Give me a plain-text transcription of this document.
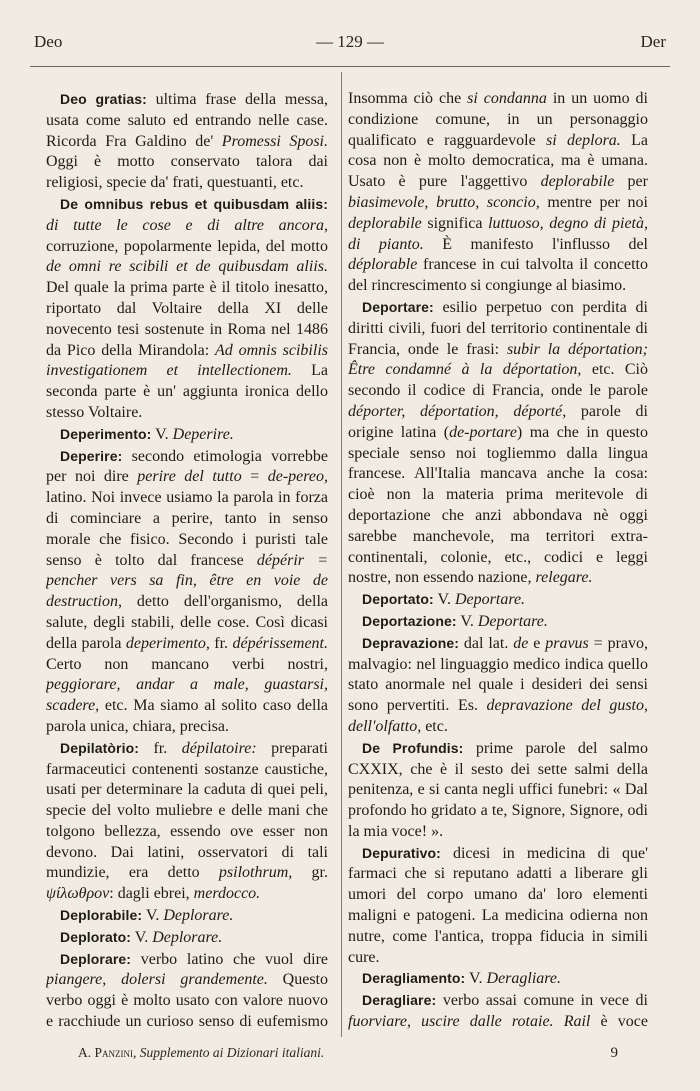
Deo	— 129 —	Der

Deo gratias: ultima frase della messa, usata come saluto ed entrando nelle case. Ricorda Fra Galdino de' Promessi Sposi. Oggi è motto conservato talora dai religiosi, specie da' frati, questuanti, etc.

De omnibus rebus et quibusdam aliis: di tutte le cose e di altre ancora, corruzione, popolarmente lepida, del motto de omni re scibili et de quibusdam aliis. Del quale la prima parte è il titolo inesatto, riportato dal Voltaire della XI delle novecento tesi sostenute in Roma nel 1486 da Pico della Mirandola: Ad omnis scibilis investigationem et intellectionem. La seconda parte è un' aggiunta ironica dello stesso Voltaire.

Deperimento: V. Deperire.

Deperire: secondo etimologia vorrebbe per noi dire perire del tutto = de-pereo, latino. Noi invece usiamo la parola in forza di cominciare a perire, tanto in senso morale che fisico. Secondo i puristi tale senso è tolto dal francese dépérir = pencher vers sa fin, être en voie de destruction, detto dell'organismo, della salute, degli stabili, delle cose. Così dicasi della parola deperimento, fr. dépérissement. Certo non mancano verbi nostri, peggiorare, andar a male, guastarsi, scadere, etc. Ma siamo al solito caso della parola unica, chiara, precisa.

Depilatòrio: fr. dépilatoire: preparati farmaceutici contenenti sostanze caustiche, usati per determinare la caduta di quei peli, specie del volto muliebre e delle mani che tolgono bellezza, essendo ove esser non devono. Dai latini, osservatori di tali mundizie, era detto psilothrum, gr. ψίλωθρον: dagli ebrei, merdocco.

Deplorabile: V. Deplorare.

Deplorato: V. Deplorare.

Deplorare: verbo latino che vuol dire piangere, dolersi grandemente. Questo verbo oggi è molto usato con valore nuovo e racchiude un curioso senso di eufemismo

Insomma ciò che si condanna in un uomo di condizione comune, in un personaggio qualificato e ragguardevole si deplora. La cosa non è molto democratica, ma è umana. Usato è pure l'aggettivo deplorabile per biasimevole, brutto, sconcio, mentre per noi deplorabile significa luttuoso, degno di pietà, di pianto. È manifesto l'influsso del déplorable francese in cui talvolta il concetto del rincrescimento si congiunge al biasimo.

Deportare: esilio perpetuo con perdita di diritti civili, fuori del territorio continentale di Francia, onde le frasi: subir la déportation; Être condamné à la déportation, etc. Ciò secondo il codice di Francia, onde le parole déporter, déportation, déporté, parole di origine latina (de-portare) ma che in questo speciale senso noi togliemmo dalla lingua francese. All'Italia mancava anche la cosa: cioè non la materia prima meritevole di deportazione che anzi abbondava nè oggi sarebbe manchevole, ma territori extra-continentali, colonie, etc., codici e leggi nostre, non essendo nazione, relegare.

Deportato: V. Deportare.

Deportazione: V. Deportare.

Depravazione: dal lat. de e pravus = pravo, malvagio: nel linguaggio medico indica quello stato anormale nel quale i desideri dei sensi sono pervertiti. Es. depravazione del gusto, dell'olfatto, etc.

De Profundis: prime parole del salmo CXXIX, che è il sesto dei sette salmi della penitenza, e si canta negli uffici funebri: « Dal profondo ho gridato a te, Signore, Signore, odi la mia voce! ».

Depurativo: dicesi in medicina di que' farmaci che si reputano adatti a liberare gli umori del corpo umano da' loro elementi maligni e patogeni. La medicina odierna non nutre, come l'antica, troppa fiducia in simili cure.

Deragliamento: V. Deragliare.

Deragliare: verbo assai comune in vece di fuorviare, uscire dalle rotaie. Rail è voce

A. Panzini, Supplemento ai Dizionari italiani.	9
